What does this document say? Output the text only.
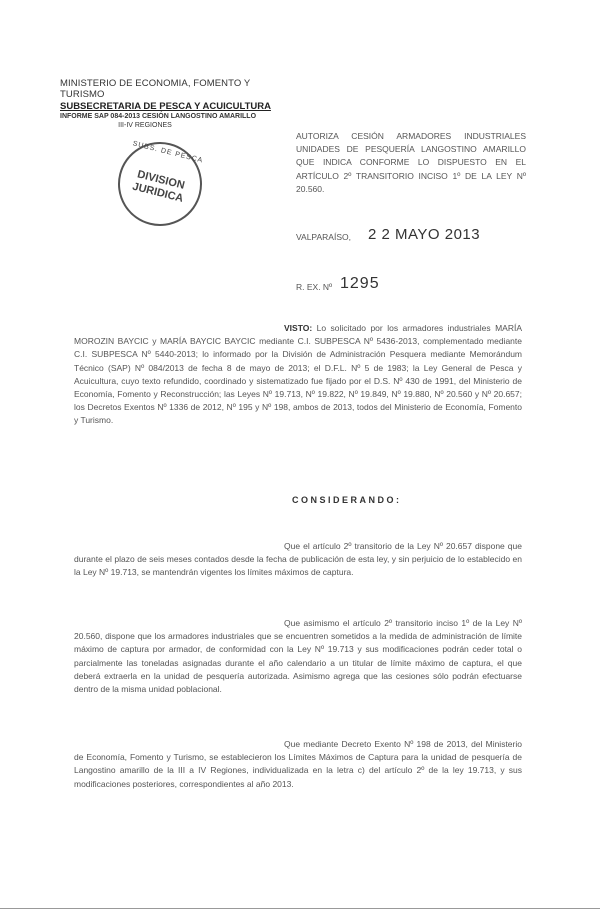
MINISTERIO DE ECONOMIA, FOMENTO Y TURISMO
SUBSECRETARIA DE PESCA Y ACUICULTURA
INFORME SAP 084-2013 CESIÓN LANGOSTINO AMARILLO
III-IV REGIONES
SUBS. DE PESCA
DIVISION JURIDICA
AUTORIZA CESIÓN ARMADORES INDUSTRIALES UNIDADES DE PESQUERÍA LANGOSTINO AMARILLO QUE INDICA CONFORME LO DISPUESTO EN EL ARTÍCULO 2º TRANSITORIO INCISO 1º DE LA LEY Nº 20.560.
VALPARAÍSO, 2 2 MAYO 2013
R. EX. Nº 1295
VISTO: Lo solicitado por los armadores industriales MARÍA MOROZIN BAYCIC y MARÍA BAYCIC BAYCIC mediante C.I. SUBPESCA Nº 5436-2013, complementado mediante C.I. SUBPESCA Nº 5440-2013; lo informado por la División de Administración Pesquera mediante Memorándum Técnico (SAP) Nº 084/2013 de fecha 8 de mayo de 2013; el D.F.L. Nº 5 de 1983; la Ley General de Pesca y Acuicultura, cuyo texto refundido, coordinado y sistematizado fue fijado por el D.S. Nº 430 de 1991, del Ministerio de Economía, Fomento y Reconstrucción; las Leyes Nº 19.713, Nº 19.822, Nº 19.849, Nº 19.880, Nº 20.560 y Nº 20.657; los Decretos Exentos Nº 1336 de 2012, Nº 195 y Nº 198, ambos de 2013, todos del Ministerio de Economía, Fomento y Turismo.
CONSIDERANDO:
Que el artículo 2º transitorio de la Ley Nº 20.657 dispone que durante el plazo de seis meses contados desde la fecha de publicación de esta ley, y sin perjuicio de lo establecido en la Ley Nº 19.713, se mantendrán vigentes los límites máximos de captura.
Que asimismo el artículo 2º transitorio inciso 1º de la Ley Nº 20.560, dispone que los armadores industriales que se encuentren sometidos a la medida de administración de límite máximo de captura por armador, de conformidad con la Ley Nº 19.713 y sus modificaciones podrán ceder total o parcialmente las toneladas asignadas durante el año calendario a un titular de límite máximo de captura, el que deberá extraerla en la unidad de pesquería autorizada. Asimismo agrega que las cesiones sólo podrán efectuarse dentro de la misma unidad poblacional.
Que mediante Decreto Exento Nº 198 de 2013, del Ministerio de Economía, Fomento y Turismo, se establecieron los Límites Máximos de Captura para la unidad de pesquería de Langostino amarillo de la III a IV Regiones, individualizada en la letra c) del artículo 2º de la ley 19.713, y sus modificaciones posteriores, correspondientes al año 2013.
